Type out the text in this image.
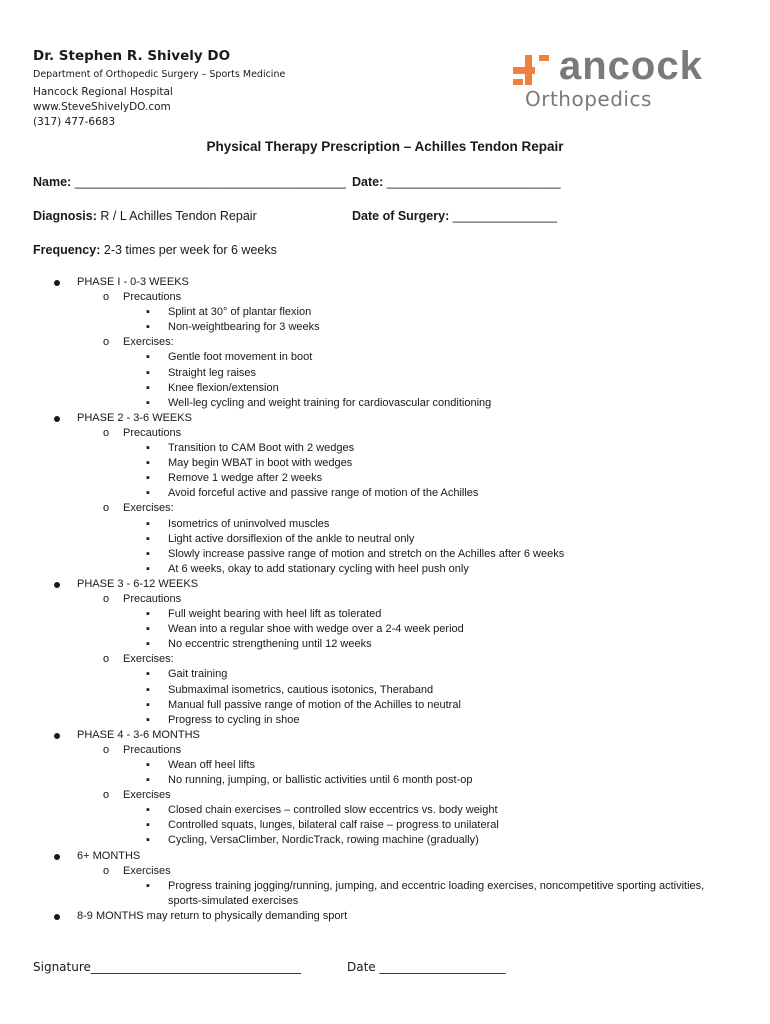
Dr. Stephen R. Shively DO
Department of Orthopedic Surgery – Sports Medicine
Hancock Regional Hospital
www.SteveShivelyDO.com
(317) 477-6683
ancock
Orthopedics
Physical Therapy Prescription – Achilles Tendon Repair
Name: _______________________________________ Date: _________________________
Diagnosis: R / L Achilles Tendon Repair	Date of Surgery: _______________
Frequency: 2-3 times per week for 6 weeks
PHASE I - 0-3 WEEKS
o Precautions
▪ Splint at 30° of plantar flexion
▪ Non-weightbearing for 3 weeks
o Exercises:
▪ Gentle foot movement in boot
▪ Straight leg raises
▪ Knee flexion/extension
▪ Well-leg cycling and weight training for cardiovascular conditioning
PHASE 2 - 3-6 WEEKS
o Precautions
▪ Transition to CAM Boot with 2 wedges
▪ May begin WBAT in boot with wedges
▪ Remove 1 wedge after 2 weeks
▪ Avoid forceful active and passive range of motion of the Achilles
o Exercises:
▪ Isometrics of uninvolved muscles
▪ Light active dorsiflexion of the ankle to neutral only
▪ Slowly increase passive range of motion and stretch on the Achilles after 6 weeks
▪ At 6 weeks, okay to add stationary cycling with heel push only
PHASE 3 - 6-12 WEEKS
o Precautions
▪ Full weight bearing with heel lift as tolerated
▪ Wean into a regular shoe with wedge over a 2-4 week period
▪ No eccentric strengthening until 12 weeks
o Exercises:
▪ Gait training
▪ Submaximal isometrics, cautious isotonics, Theraband
▪ Manual full passive range of motion of the Achilles to neutral
▪ Progress to cycling in shoe
PHASE 4 - 3-6 MONTHS
o Precautions
▪ Wean off heel lifts
▪ No running, jumping, or ballistic activities until 6 month post-op
o Exercises
▪ Closed chain exercises – controlled slow eccentrics vs. body weight
▪ Controlled squats, lunges, bilateral calf raise – progress to unilateral
▪ Cycling, VersaClimber, NordicTrack, rowing machine (gradually)
6+ MONTHS
o Exercises
▪ Progress training jogging/running, jumping, and eccentric loading exercises, noncompetitive sporting activities, sports-simulated exercises
8-9 MONTHS may return to physically demanding sport
Signature___________________________________	Date _____________________
